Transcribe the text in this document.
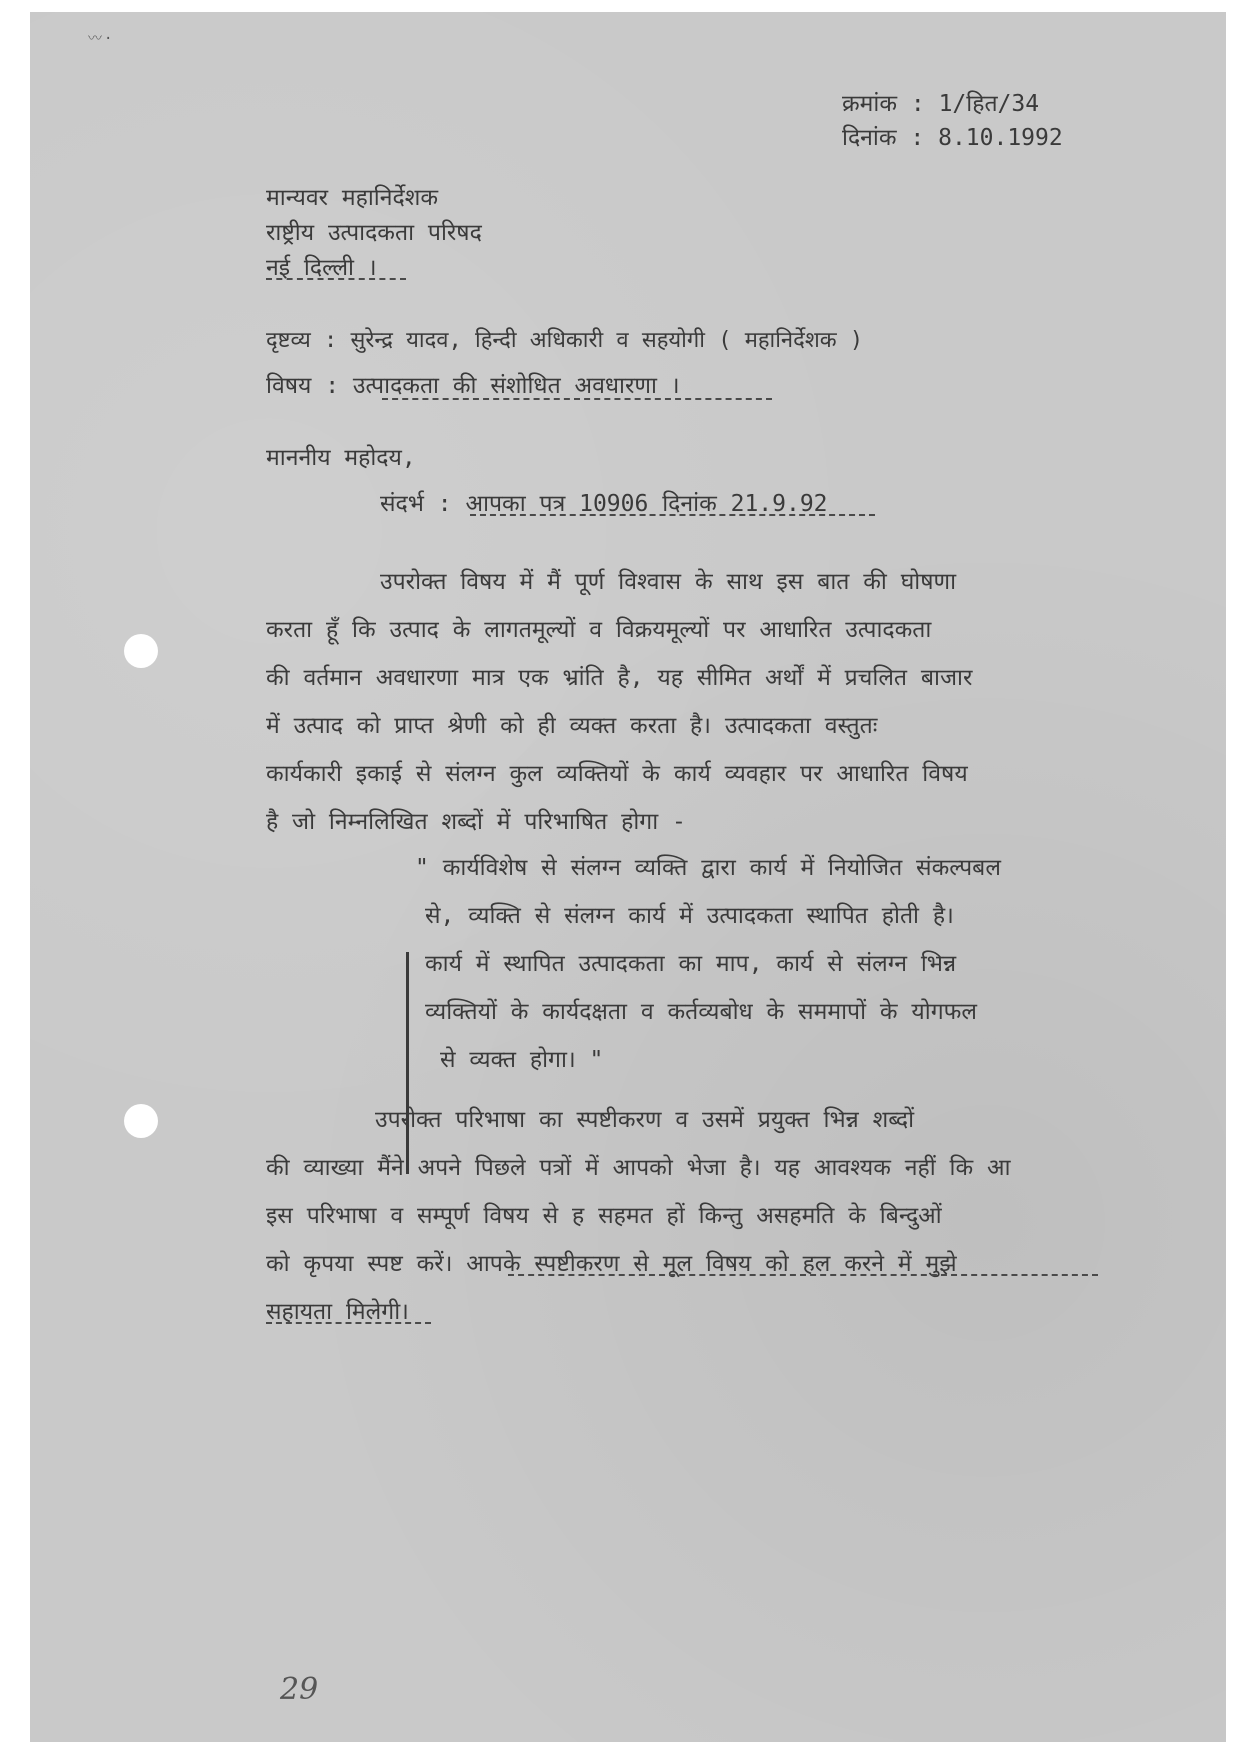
〰·
क्रमांक : 1/हित/34
दिनांक : 8.10.1992
मान्यवर महानिर्देशक
राष्ट्रीय उत्पादकता परिषद
नई दिल्ली ।
दृष्टव्य : सुरेन्द्र यादव, हिन्दी अधिकारी व सहयोगी ( महानिर्देशक )
विषय : उत्पादकता की संशोधित अवधारणा ।
माननीय महोदय,
संदर्भ : आपका पत्र 10906 दिनांक 21.9.92
उपरोक्त विषय में मैं पूर्ण विश्वास के साथ इस बात की घोषणा
करता हूँ कि उत्पाद के लागतमूल्यों व विक्रयमूल्यों पर आधारित उत्पादकता
की वर्तमान अवधारणा मात्र एक भ्रांति है, यह सीमित अर्थों में प्रचलित बाजार
में उत्पाद को प्राप्त श्रेणी को ही व्यक्त करता है। उत्पादकता वस्तुतः
कार्यकारी इकाई से संलग्न कुल व्यक्तियों के कार्य व्यवहार पर आधारित विषय
है जो निम्नलिखित शब्दों में परिभाषित होगा -
" कार्यविशेष से संलग्न व्यक्ति द्वारा कार्य में नियोजित संकल्पबल
से, व्यक्ति से संलग्न कार्य में उत्पादकता स्थापित होती है।
कार्य में स्थापित उत्पादकता का माप, कार्य से संलग्न भिन्न
व्यक्तियों के कार्यदक्षता व कर्तव्यबोध के सममापों के योगफल
से व्यक्त होगा। "
उपरोक्त परिभाषा का स्पष्टीकरण व उसमें प्रयुक्त भिन्न शब्दों
की व्याख्या मैंने अपने पिछले पत्रों में आपको भेजा है। यह आवश्यक नहीं कि आ
इस परिभाषा व सम्पूर्ण विषय से ह सहमत हों किन्तु असहमति के बिन्दुओं
को कृपया स्पष्ट करें। आपके स्पष्टीकरण से मूल विषय को हल करने में मुझे
सहायता मिलेगी।
29
